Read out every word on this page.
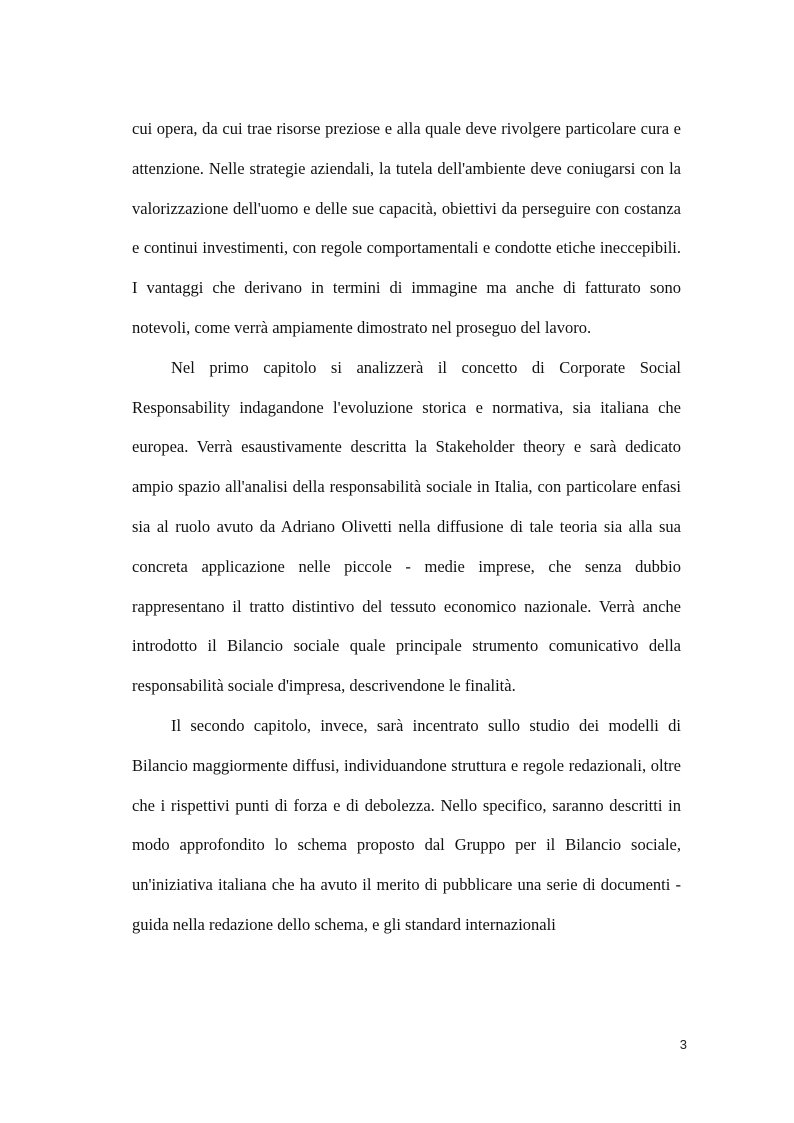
cui opera, da cui trae risorse preziose e alla quale deve rivolgere particolare cura e attenzione. Nelle strategie aziendali, la tutela dell'ambiente deve coniugarsi con la valorizzazione dell'uomo e delle sue capacità, obiettivi da perseguire con costanza e continui investimenti, con regole comportamentali e condotte etiche ineccepibili. I vantaggi che derivano in termini di immagine ma anche di fatturato sono notevoli, come verrà ampiamente dimostrato nel proseguo del lavoro.

Nel primo capitolo si analizzerà il concetto di Corporate Social Responsability indagandone l'evoluzione storica e normativa, sia italiana che europea. Verrà esaustivamente descritta la Stakeholder theory e sarà dedicato ampio spazio all'analisi della responsabilità sociale in Italia, con particolare enfasi sia al ruolo avuto da Adriano Olivetti nella diffusione di tale teoria sia alla sua concreta applicazione nelle piccole - medie imprese, che senza dubbio rappresentano il tratto distintivo del tessuto economico nazionale. Verrà anche introdotto il Bilancio sociale quale principale strumento comunicativo della responsabilità sociale d'impresa, descrivendone le finalità.

Il secondo capitolo, invece, sarà incentrato sullo studio dei modelli di Bilancio maggiormente diffusi, individuandone struttura e regole redazionali, oltre che i rispettivi punti di forza e di debolezza. Nello specifico, saranno descritti in modo approfondito lo schema proposto dal Gruppo per il Bilancio sociale, un'iniziativa italiana che ha avuto il merito di pubblicare una serie di documenti - guida nella redazione dello schema, e gli standard internazionali

3
